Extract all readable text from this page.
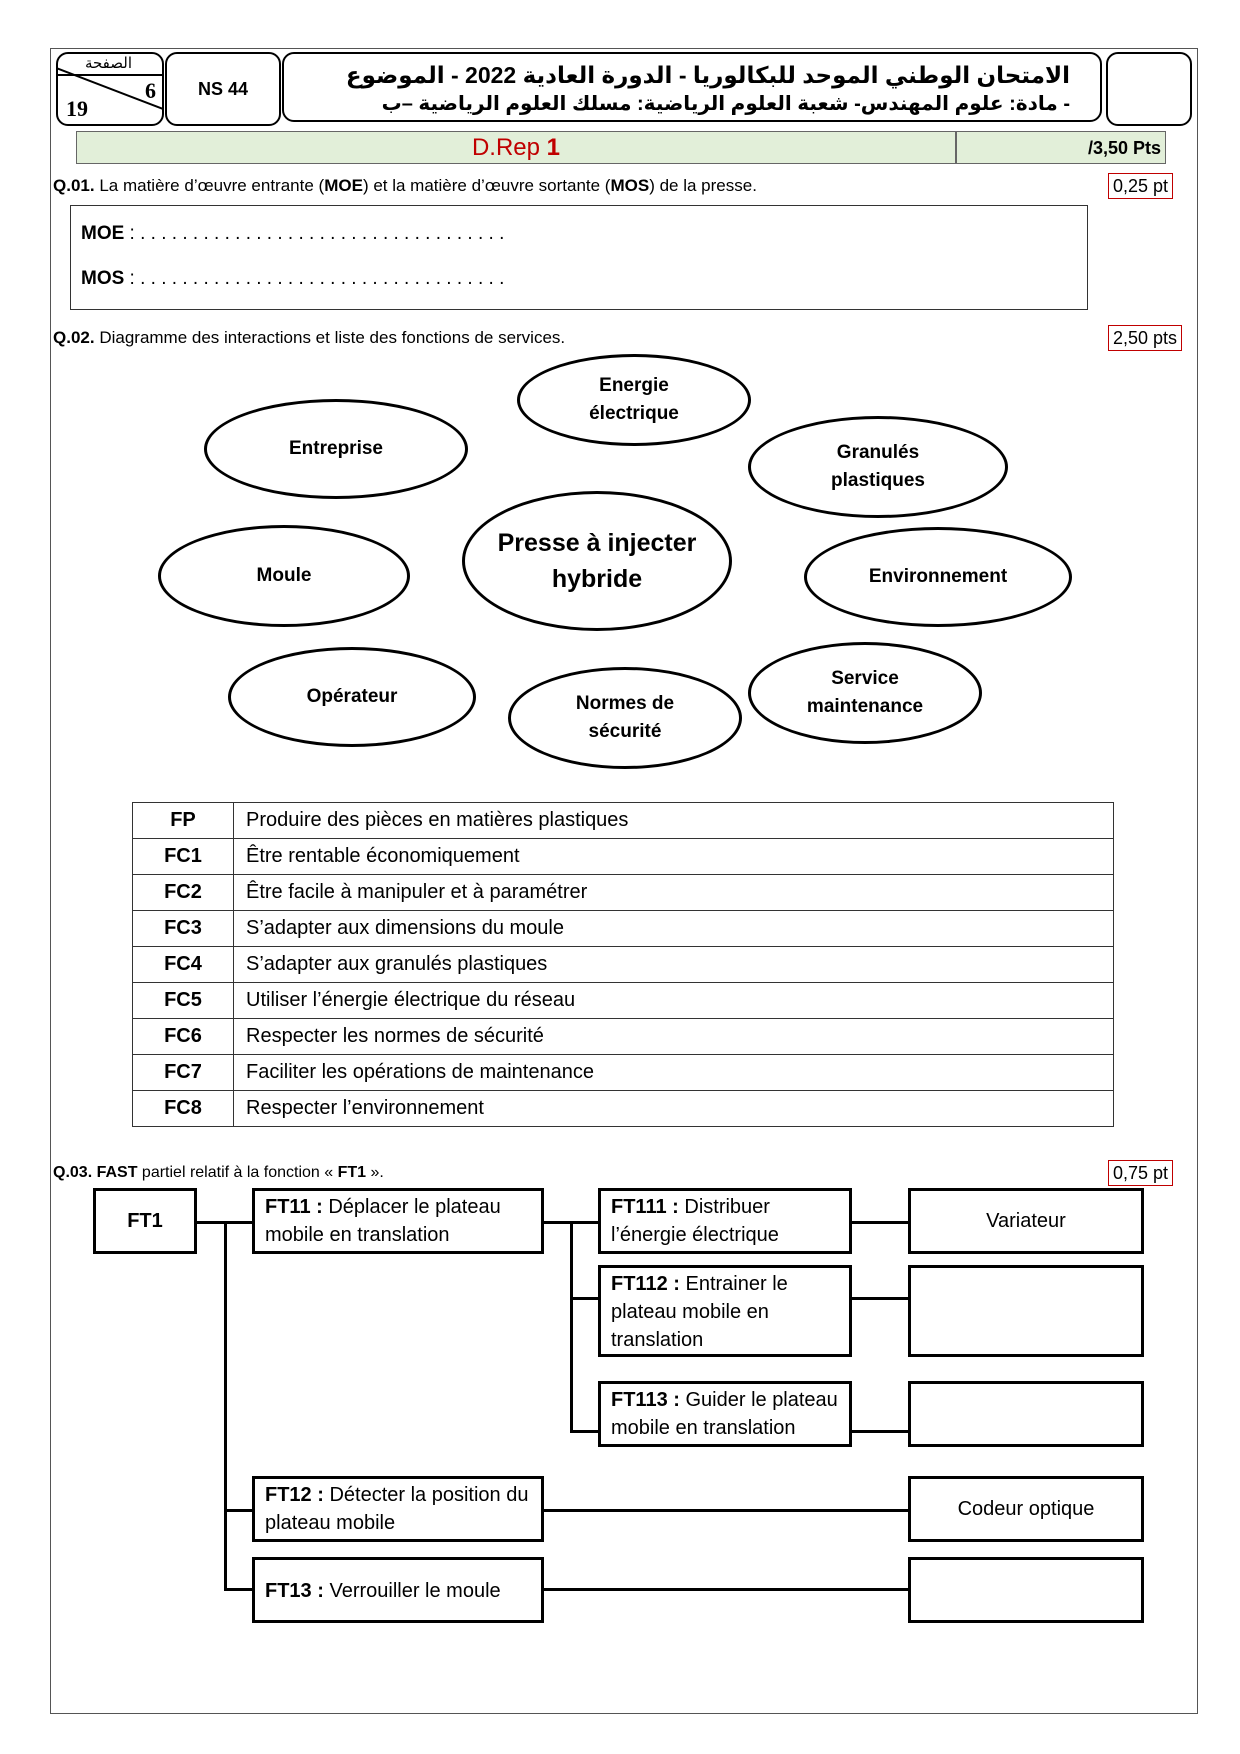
الصفحة
6
19
NS 44
الامتحان الوطني الموحد للبكالوريا - الدورة العادية 2022 - الموضوع
- مادة: علوم المهندس- شعبة العلوم الرياضية: مسلك العلوم الرياضية –ب
D.Rep 1	/3,50 Pts
Q.01. La matière d’œuvre entrante (MOE) et la matière d’œuvre sortante (MOS) de la presse.	0,25 pt
MOE : . . . . . . . . . . . . . . . . . . . . . . . . . . . . . . . . . . .
MOS : . . . . . . . . . . . . . . . . . . . . . . . . . . . . . . . . . . .
Q.02. Diagramme des interactions et liste des fonctions de services.	2,50 pts
Energie
électrique
Entreprise	Granulés
plastiques
Presse à injecter
hybride
Moule	Environnement
Opérateur	Normes de
sécurité
Service
maintenance
FP	Produire des pièces en matières plastiques
FC1	Être rentable économiquement
FC2	Être facile à manipuler et à paramétrer
FC3	S’adapter aux dimensions du moule
FC4	S’adapter aux granulés plastiques
FC5	Utiliser l’énergie électrique du réseau
FC6	Respecter les normes de sécurité
FC7	Faciliter les opérations de maintenance
FC8	Respecter l’environnement
Q.03. FAST partiel relatif à la fonction « FT1 ».	0,75 pt
FT1
FT11 : Déplacer le plateau mobile en translation
FT111 : Distribuer l’énergie électrique
Variateur
FT112 : Entrainer le plateau mobile en translation
FT113 : Guider le plateau mobile en translation
FT12 : Détecter la position du plateau mobile
Codeur optique
FT13 : Verrouiller le moule
